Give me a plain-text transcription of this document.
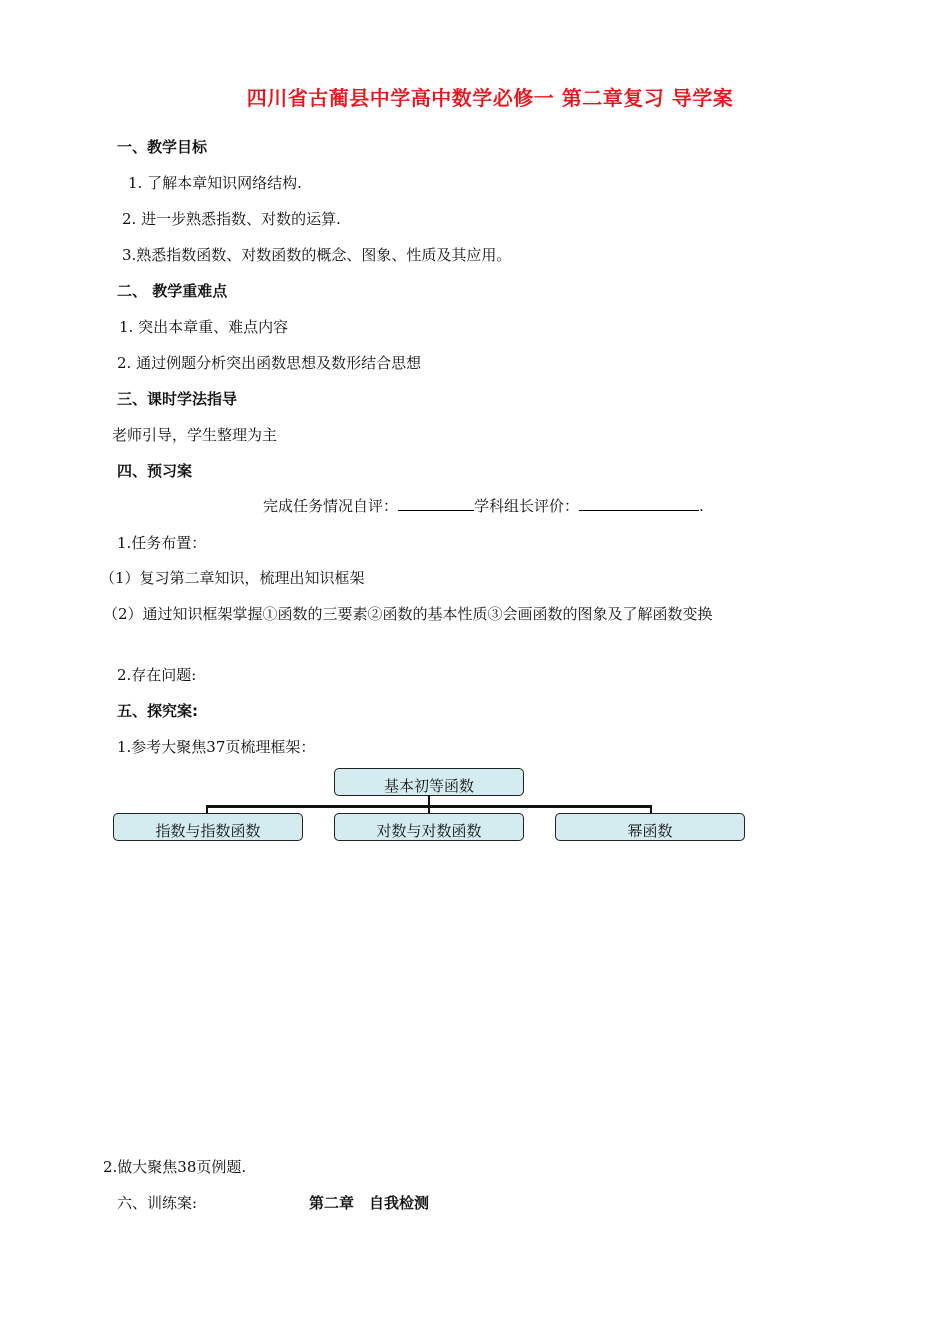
四川省古蔺县中学高中数学必修一 第二章复习 导学案
一、教学目标
1. 了解本章知识网络结构.
2. 进一步熟悉指数、对数的运算.
3.熟悉指数函数、对数函数的概念、图象、性质及其应用。
二、 教学重难点
1. 突出本章重、难点内容
2. 通过例题分析突出函数思想及数形结合思想
三、课时学法指导
老师引导，学生整理为主
四、预习案
完成任务情况自评：	学科组长评价：	.
1.任务布置：
（1）复习第二章知识，梳理出知识框架
（2）通过知识框架掌握①函数的三要素②函数的基本性质③会画函数的图象及了解函数变换
2.存在问题:
五、探究案:
1.参考大聚焦37页梳理框架：
基本初等函数
指数与指数函数	对数与对数函数	幂函数
2.做大聚焦38页例题.
六、训练案:	第二章　自我检测
